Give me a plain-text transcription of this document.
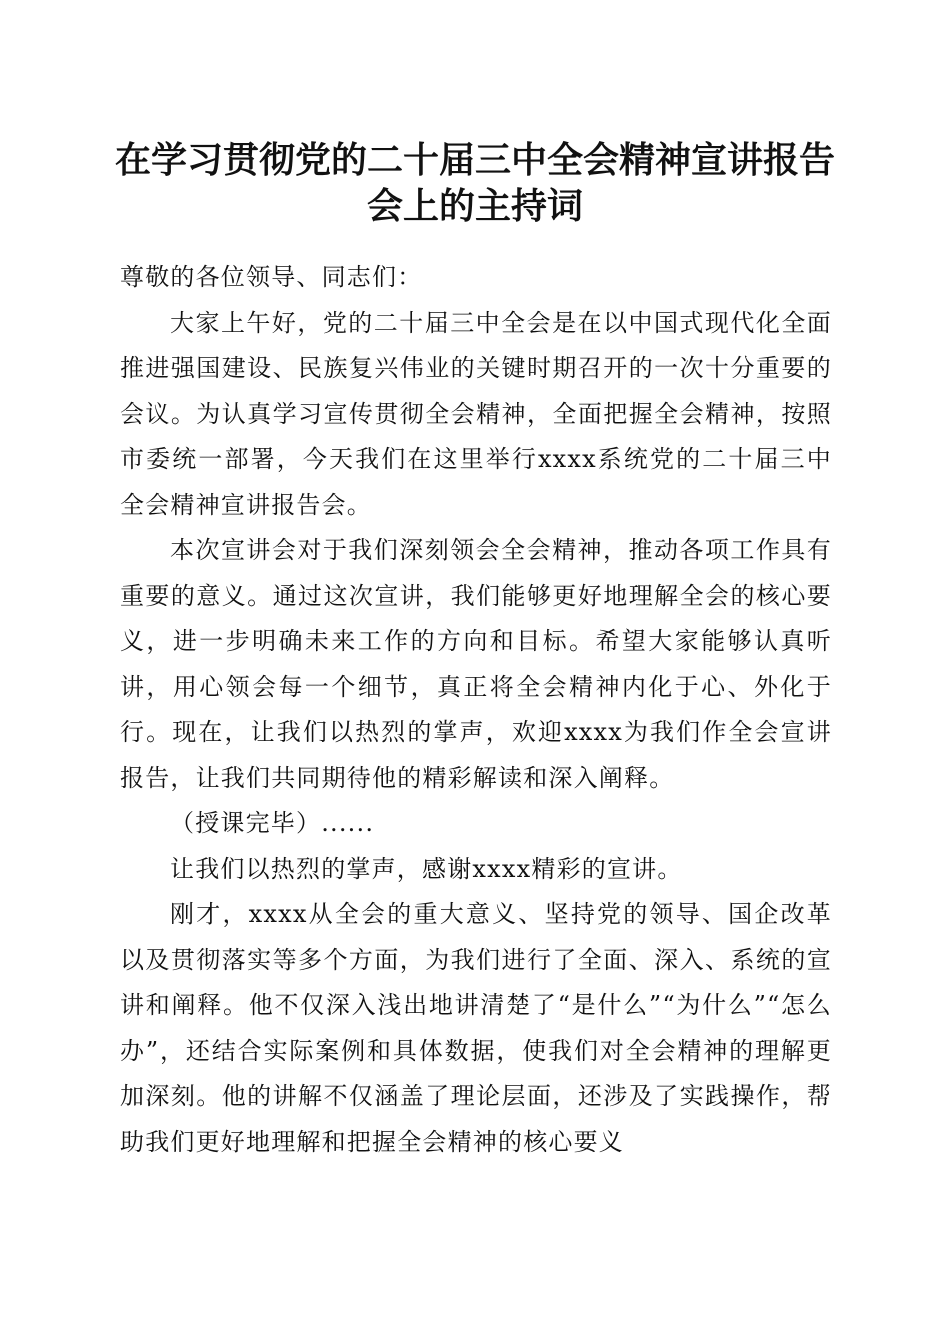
在学习贯彻党的二十届三中全会精神宣讲报告
会上的主持词

尊敬的各位领导、同志们：

大家上午好，党的二十届三中全会是在以中国式现代化全面推进强国建设、民族复兴伟业的关键时期召开的一次十分重要的会议。为认真学习宣传贯彻全会精神，全面把握全会精神，按照市委统一部署，今天我们在这里举行xxxx系统党的二十届三中全会精神宣讲报告会。

本次宣讲会对于我们深刻领会全会精神，推动各项工作具有重要的意义。通过这次宣讲，我们能够更好地理解全会的核心要义，进一步明确未来工作的方向和目标。希望大家能够认真听讲，用心领会每一个细节，真正将全会精神内化于心、外化于行。现在，让我们以热烈的掌声，欢迎xxxx为我们作全会宣讲报告，让我们共同期待他的精彩解读和深入阐释。

（授课完毕）......

让我们以热烈的掌声，感谢xxxx精彩的宣讲。

刚才，xxxx从全会的重大意义、坚持党的领导、国企改革以及贯彻落实等多个方面，为我们进行了全面、深入、系统的宣讲和阐释。他不仅深入浅出地讲清楚了“是什么”“为什么”“怎么办”，还结合实际案例和具体数据，使我们对全会精神的理解更加深刻。他的讲解不仅涵盖了理论层面，还涉及了实践操作，帮助我们更好地理解和把握全会精神的核心要义
